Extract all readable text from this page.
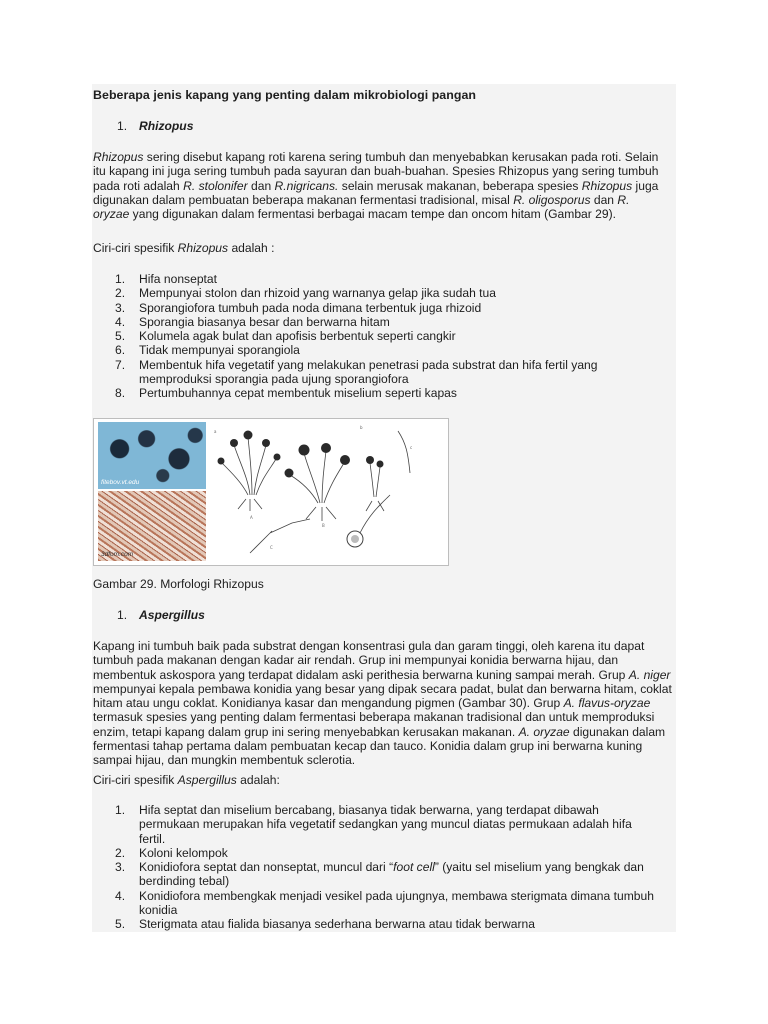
Beberapa jenis kapang yang penting dalam mikrobiologi pangan
1. Rhizopus

Rhizopus sering disebut kapang roti karena sering tumbuh dan menyebabkan kerusakan pada roti. Selain itu kapang ini juga sering tumbuh pada sayuran dan buah-buahan. Spesies Rhizopus yang sering tumbuh pada roti adalah R. stolonifer dan R.nigricans. selain merusak makanan, beberapa spesies Rhizopus juga digunakan dalam pembuatan beberapa makanan fermentasi tradisional, misal R. oligosporus dan R. oryzae yang digunakan dalam fermentasi berbagai macam tempe dan oncom hitam (Gambar 29).

Ciri-ciri spesifik Rhizopus adalah :

1.	Hifa nonseptat
2.	Mempunyai stolon dan rhizoid yang warnanya gelap jika sudah tua
3.	Sporangiofora tumbuh pada noda dimana terbentuk juga rhizoid
4.	Sporangia biasanya besar dan berwarna hitam
5.	Kolumela agak bulat dan apofisis berbentuk seperti cangkir
6.	Tidak mempunyai sporangiola
7.	Membentuk hifa vegetatif yang melakukan penetrasi pada substrat dan hifa fertil yang memproduksi sporangia pada ujung sporangiofora
8.	Pertumbuhannya cepat membentuk miselium seperti kapas
fitebov.vt.edu
3dfom.com
a
b
c
A
B
C
Gambar 29. Morfologi Rhizopus
1. Aspergillus

Kapang ini tumbuh baik pada substrat dengan konsentrasi gula dan garam tinggi, oleh karena itu dapat tumbuh pada makanan dengan kadar air rendah. Grup ini mempunyai konidia berwarna hijau, dan membentuk askospora yang terdapat didalam aski perithesia berwarna kuning sampai merah. Grup A. niger mempunyai kepala pembawa konidia yang besar yang dipak secara padat, bulat dan berwarna hitam, coklat hitam atau ungu coklat. Konidianya kasar dan mengandung pigmen (Gambar 30). Grup A. flavus-oryzae termasuk spesies yang penting dalam fermentasi beberapa makanan tradisional dan untuk memproduksi enzim, tetapi kapang dalam grup ini sering menyebabkan kerusakan makanan. A. oryzae digunakan dalam fermentasi tahap pertama dalam pembuatan kecap dan tauco. Konidia dalam grup ini berwarna kuning sampai hijau, dan mungkin membentuk sclerotia.

Ciri-ciri spesifik Aspergillus adalah:

1.	Hifa septat dan miselium bercabang, biasanya tidak berwarna, yang terdapat dibawah permukaan merupakan hifa vegetatif sedangkan yang muncul diatas permukaan adalah hifa fertil.
2.	Koloni kelompok
3.	Konidiofora septat dan nonseptat, muncul dari “foot cell” (yaitu sel miselium yang bengkak dan berdinding tebal)
4.	Konidiofora membengkak menjadi vesikel pada ujungnya, membawa sterigmata dimana tumbuh konidia
5.	Sterigmata atau fialida biasanya sederhana berwarna atau tidak berwarna
